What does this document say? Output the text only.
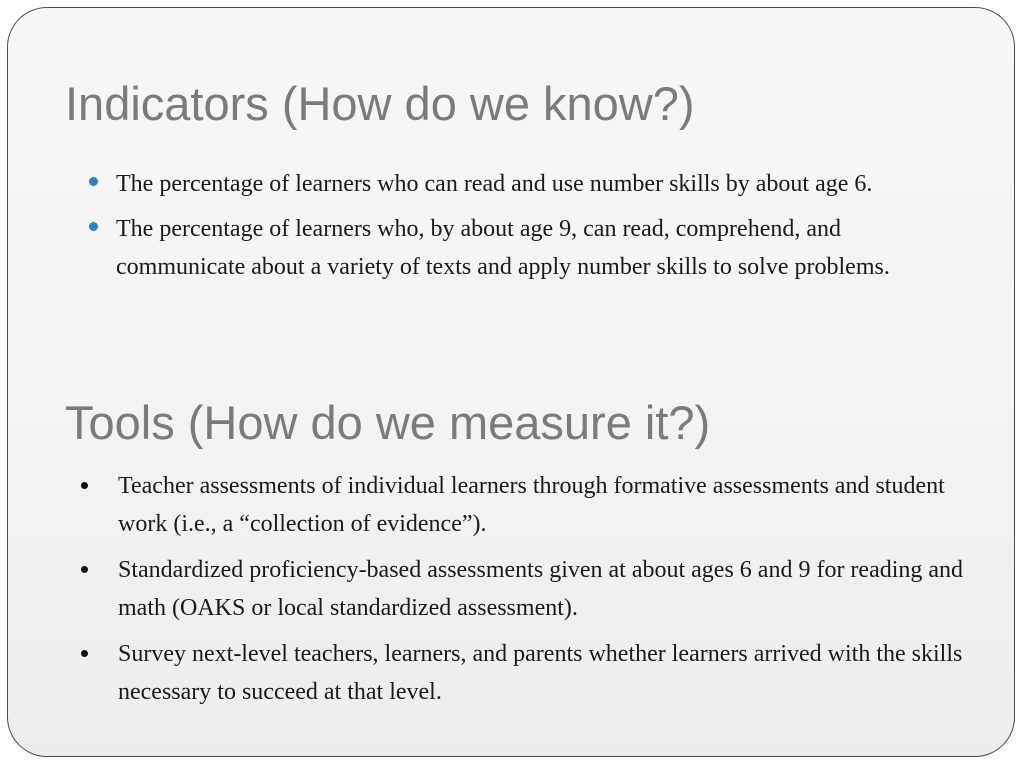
Indicators (How do we know?)
The percentage of learners who can read and use number skills by about age 6.
The percentage of learners who, by about age 9, can read, comprehend, and communicate about a variety of texts and apply number skills to solve problems.
Tools (How do we measure it?)
Teacher assessments of individual learners through formative assessments and student work (i.e., a “collection of evidence”).
Standardized proficiency-based assessments given at about ages 6 and 9 for reading and math (OAKS or local standardized assessment).
Survey next-level teachers, learners, and parents whether learners arrived with the skills necessary to succeed at that level.
